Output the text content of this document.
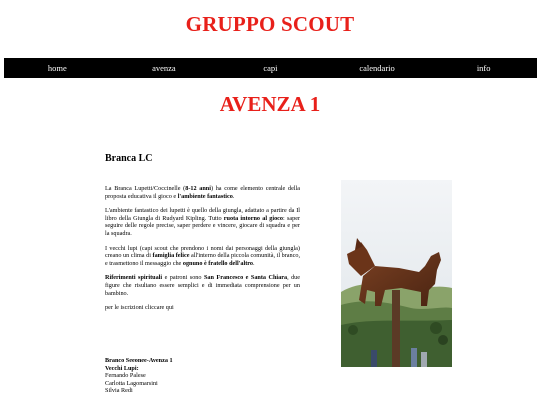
GRUPPO SCOUT
home	avenza	capi	calendario	info
AVENZA 1
Branca LC

La Branca Lupetti/Coccinelle (8-12 anni) ha come elemento centrale della proposta educativa il gioco e l'ambiente fantastico.

L'ambiente fantastico dei lupetti è quello della giungla, adattato a partire da Il libro della Giungla di Rudyard Kipling. Tutto ruota intorno al gioco: saper seguire delle regole precise, saper perdere e vincere, giocare di squadra e per la squadra.

I vecchi lupi (capi scout che prendono i nomi dai personaggi della giungla) creano un clima di famiglia felice all'interno della piccola comunità, il branco, e trasmettono il messaggio che ognuno è fratello dell'altro.

Riferimenti spirituali e patroni sono San Francesco e Santa Chiara, due figure che risultano essere semplici e di immediata comprensione per un bambino.

per le iscrizioni cliccare qui

Branco Seeonee-Avenza 1
Vecchi Lupi:
Fernando Palese
Carlotta Lagomarsini
Silvia Redi
